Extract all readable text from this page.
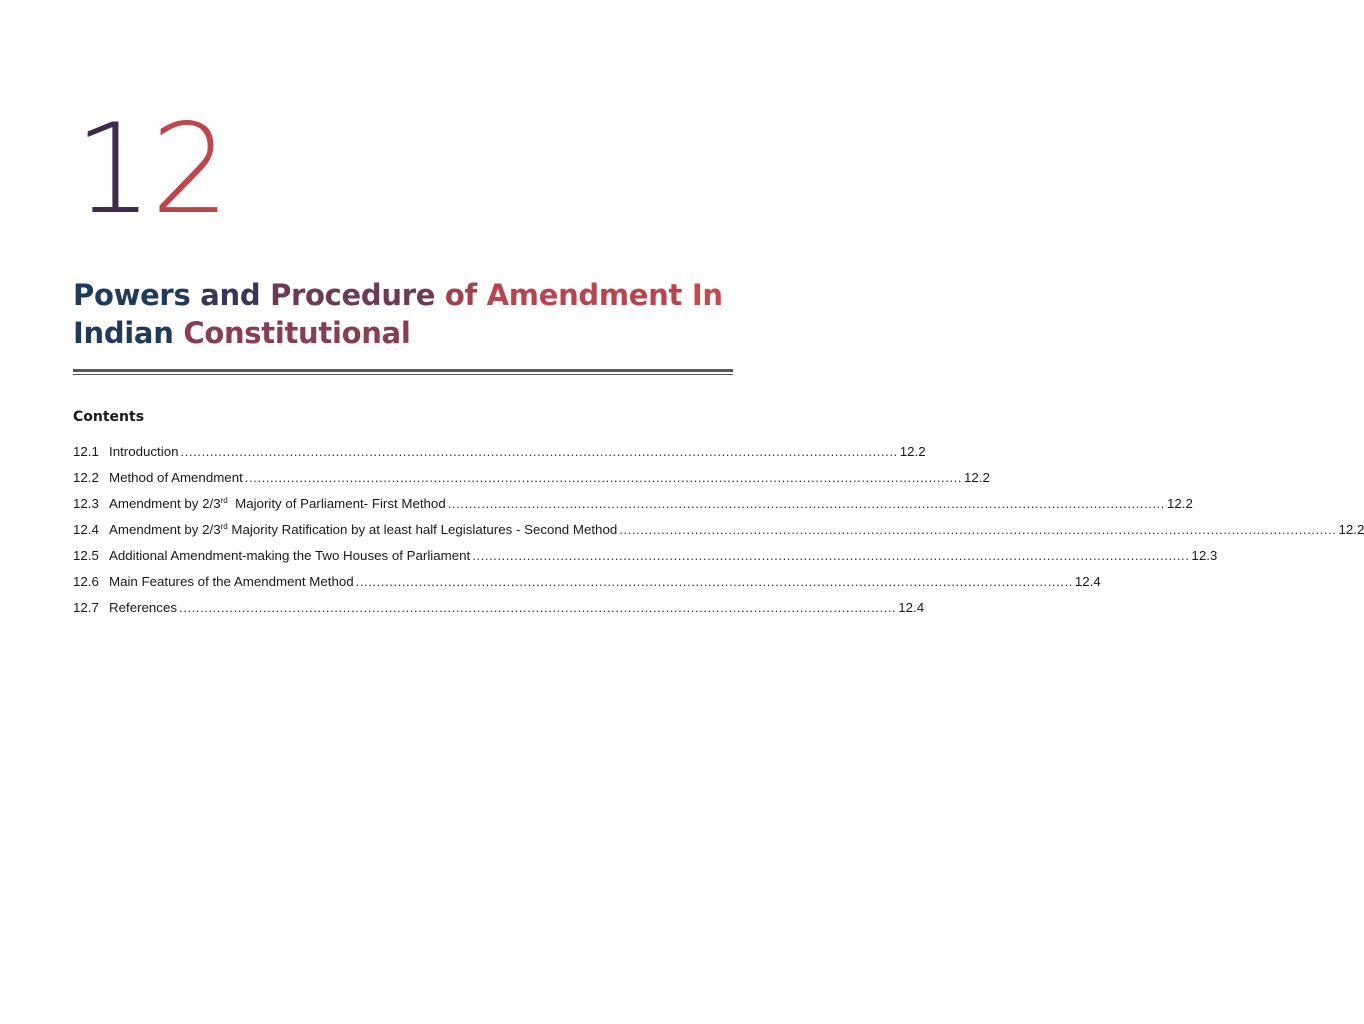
12
Powers and Procedure of Amendment In
Indian Constitutional
Contents
12.1 Introduction ........................................................................................................................................................................... 12.2
12.2 Method of Amendment ........................................................................................................................................................................... 12.2
12.3 Amendment by 2/3rd  Majority of Parliament- First Method ........................................................................................................................................................................... 12.2
12.4 Amendment by 2/3rd Majority Ratification by at least half Legislatures - Second Method ........................................................................................................................................................................... 12.2
12.5 Additional Amendment-making the Two Houses of Parliament ........................................................................................................................................................................... 12.3
12.6 Main Features of the Amendment Method ........................................................................................................................................................................... 12.4
12.7 References ........................................................................................................................................................................... 12.4
